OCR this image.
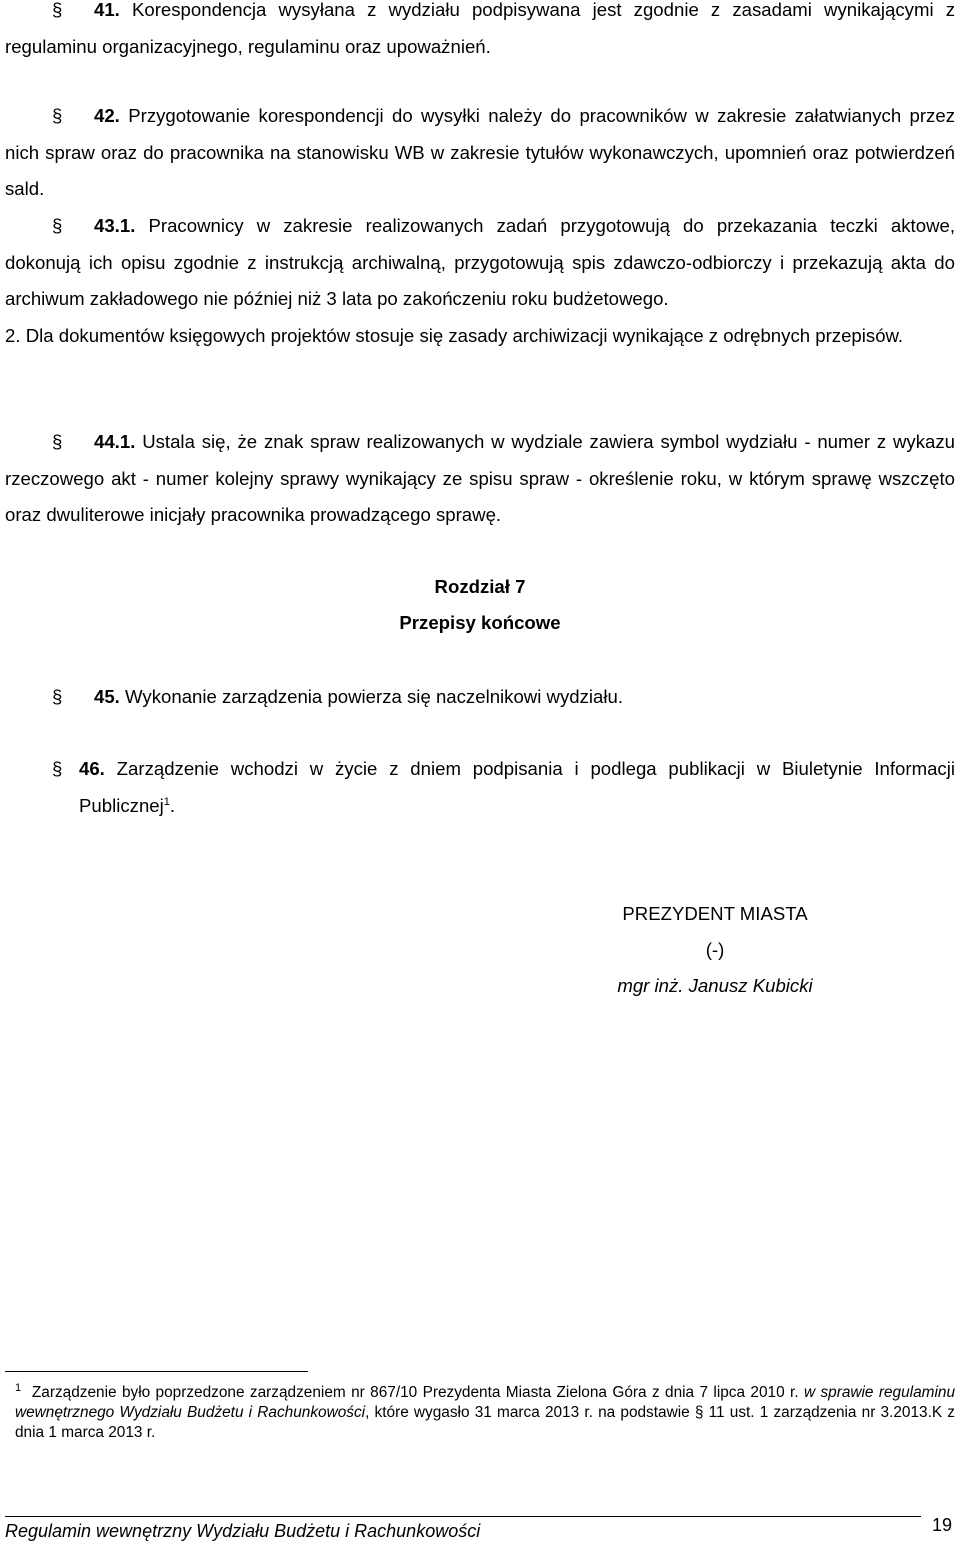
§ 41. Korespondencja wysyłana z wydziału podpisywana jest zgodnie z zasadami wynikającymi z regulaminu organizacyjnego, regulaminu oraz upoważnień.
§ 42. Przygotowanie korespondencji do wysyłki należy do pracowników w zakresie załatwianych przez nich spraw oraz do pracownika na stanowisku WB w zakresie tytułów wykonawczych, upomnień oraz potwierdzeń sald.
§ 43.1. Pracownicy w zakresie realizowanych zadań przygotowują do przekazania teczki aktowe, dokonują ich opisu zgodnie z instrukcją archiwalną, przygotowują spis zdawczo-odbiorczy i przekazują akta do archiwum zakładowego nie później niż 3 lata po zakończeniu roku budżetowego.
2. Dla dokumentów księgowych projektów stosuje się zasady archiwizacji wynikające z odrębnych przepisów.
§ 44.1. Ustala się, że znak spraw realizowanych w wydziale zawiera symbol wydziału - numer z wykazu rzeczowego akt - numer kolejny sprawy wynikający ze spisu spraw - określenie roku, w którym sprawę wszczęto oraz dwuliterowe inicjały pracownika prowadzącego sprawę.
Rozdział 7
Przepisy końcowe
§ 45. Wykonanie zarządzenia powierza się naczelnikowi wydziału.
§ 46. Zarządzenie wchodzi w życie z dniem podpisania i podlega publikacji w Biuletynie Informacji Publicznej$^1$.
PREZYDENT MIASTA
(-)
mgr inż. Janusz Kubicki
$^1$ Zarządzenie było poprzedzone zarządzeniem nr 867/10 Prezydenta Miasta Zielona Góra z dnia 7 lipca 2010 r. w sprawie regulaminu wewnętrznego Wydziału Budżetu i Rachunkowości, które wygasło 31 marca 2013 r. na podstawie § 11 ust. 1 zarządzenia nr 3.2013.K z dnia 1 marca 2013 r.
Regulamin wewnętrzny Wydziału Budżetu i Rachunkowości	19
